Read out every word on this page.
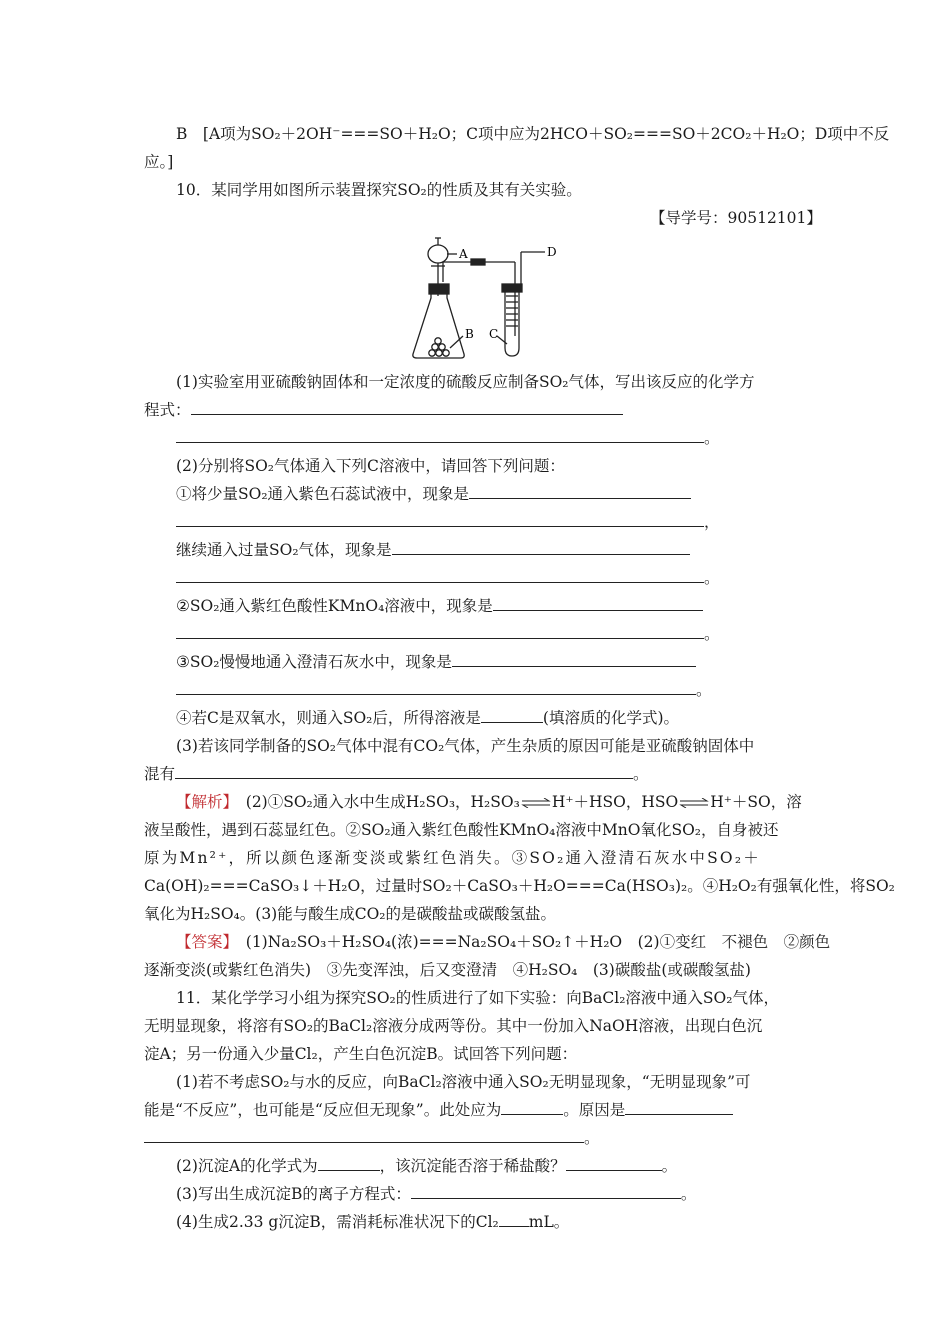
B　[A项为SO₂＋2OH⁻===SO＋H₂O；C项中应为2HCO＋SO₂===SO＋2CO₂＋H₂O；D项中不反
应。]
10．某同学用如图所示装置探究SO₂的性质及其有关实验。
【导学号：90512101】
A
B C
D
(1)实验室用亚硫酸钠固体和一定浓度的硫酸反应制备SO₂气体，写出该反应的化学方
程式：
。
(2)分别将SO₂气体通入下列C溶液中，请回答下列问题：
①将少量SO₂通入紫色石蕊试液中，现象是
，
继续通入过量SO₂气体，现象是
。
②SO₂通入紫红色酸性KMnO₄溶液中，现象是
。
③SO₂慢慢地通入澄清石灰水中，现象是
。
④若C是双氧水，则通入SO₂后，所得溶液是	(填溶质的化学式)。
(3)若该同学制备的SO₂气体中混有CO₂气体，产生杂质的原因可能是亚硫酸钠固体中
混有	。
【解析】　(2)①SO₂通入水中生成H₂SO₃，H₂SO₃⇌H⁺＋HSO，HSO⇌H⁺＋SO，溶
液呈酸性，遇到石蕊显红色。②SO₂通入紫红色酸性KMnO₄溶液中MnO氧化SO₂，自身被还
原为Mn²⁺，所以颜色逐渐变淡或紫红色消失。③SO₂通入澄清石灰水中SO₂＋
Ca(OH)₂===CaSO₃↓＋H₂O，过量时SO₂＋CaSO₃＋H₂O===Ca(HSO₃)₂。④H₂O₂有强氧化性，将SO₂
氧化为H₂SO₄。(3)能与酸生成CO₂的是碳酸盐或碳酸氢盐。
【答案】　(1)Na₂SO₃＋H₂SO₄(浓)===Na₂SO₄＋SO₂↑＋H₂O　(2)①变红　不褪色　②颜色
逐渐变淡(或紫红色消失)　③先变浑浊，后又变澄清　④H₂SO₄　(3)碳酸盐(或碳酸氢盐)
11．某化学学习小组为探究SO₂的性质进行了如下实验：向BaCl₂溶液中通入SO₂气体，
无明显现象，将溶有SO₂的BaCl₂溶液分成两等份。其中一份加入NaOH溶液，出现白色沉
淀A；另一份通入少量Cl₂，产生白色沉淀B。试回答下列问题：
(1)若不考虑SO₂与水的反应，向BaCl₂溶液中通入SO₂无明显现象，“无明显现象”可
能是“不反应”，也可能是“反应但无现象”。此处应为	。原因是
。
(2)沉淀A的化学式为	，该沉淀能否溶于稀盐酸？	。
(3)写出生成沉淀B的离子方程式：	。
(4)生成2.33 g沉淀B，需消耗标准状况下的Cl₂ mL。
